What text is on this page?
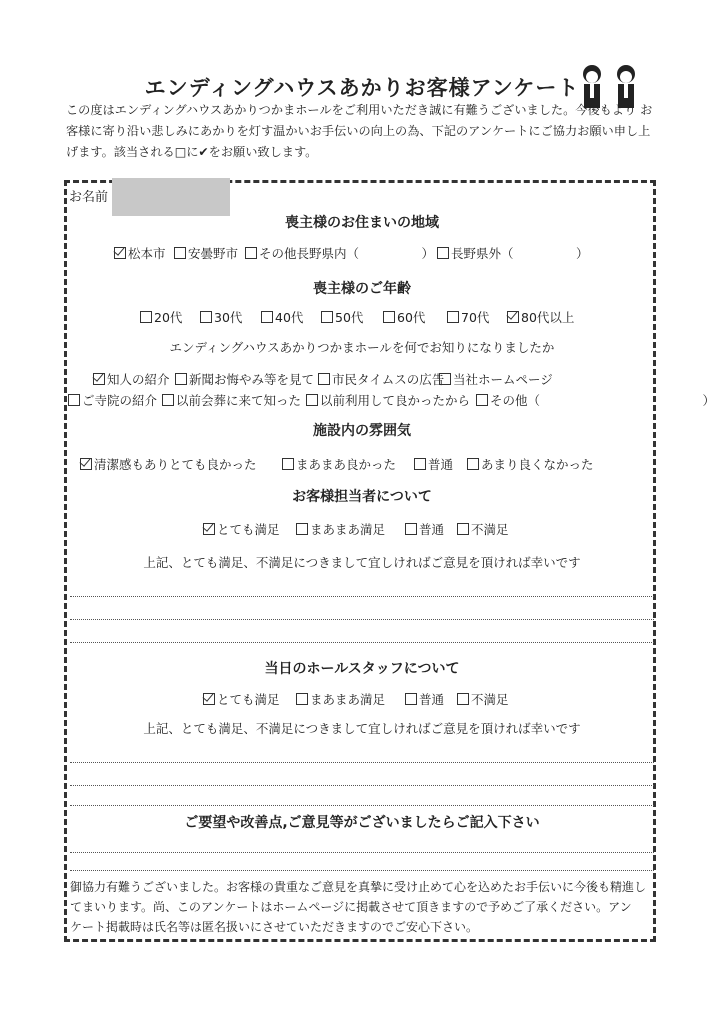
エンディングハウスあかりお客様アンケート
この度はエンディングハウスあかりつかまホールをご利用いただき誠に有難うございました。今後もより お
客様に寄り沿い悲しみにあかりを灯す温かいお手伝いの向上の為、下記のアンケートにご協力お願い申し上
げます。該当される□に✔をお願い致します。
お名前
喪主様のお住まいの地域
松本市	安曇野市	その他長野県内（　　　　　）	長野県外（　　　　　）
喪主様のご年齢
20代	30代	40代	50代	60代	70代	80代以上
エンディングハウスあかりつかまホールを何でお知りになりましたか
知人の紹介	新聞お悔やみ等を見て	市民タイムスの広告 当社ホームページ
ご寺院の紹介	以前会葬に来て知った	以前利用して良かったから	その他（　　　　　　　　　　　　　）
施設内の雰囲気
清潔感もありとても良かった	まあまあ良かった	普通	あまり良くなかった
お客様担当者について
とても満足	まあまあ満足	普通	不満足
上記、とても満足、不満足につきまして宜しければご意見を頂ければ幸いです
当日のホールスタッフについて
とても満足	まあまあ満足	普通	不満足
上記、とても満足、不満足につきまして宜しければご意見を頂ければ幸いです
ご要望や改善点,ご意見等がございましたらご記入下さい
御協力有難うございました。お客様の貴重なご意見を真摯に受け止めて心を込めたお手伝いに今後も精進し
てまいります。尚、このアンケートはホームページに掲載させて頂きますので予めご了承ください。アン
ケート掲載時は氏名等は匿名扱いにさせていただきますのでご安心下さい。
